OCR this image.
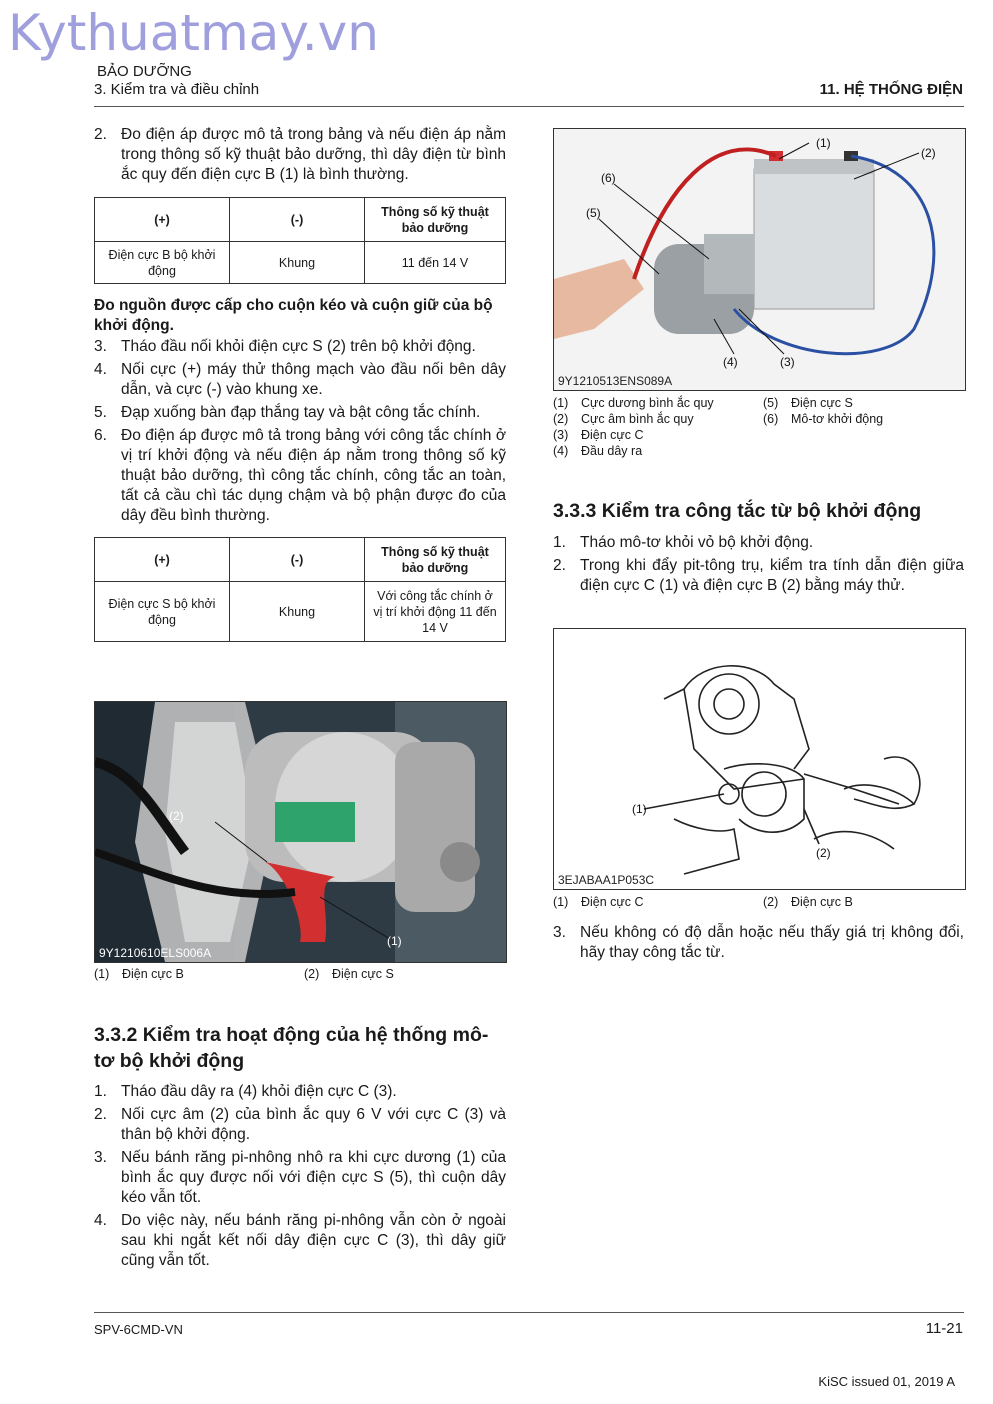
Kythuatmay.vn
BẢO DƯỠNG
3. Kiểm tra và điều chỉnh	11. HỆ THỐNG ĐIỆN
2. Đo điện áp được mô tả trong bảng và nếu điện áp nằm trong thông số kỹ thuật bảo dưỡng, thì dây điện từ bình ắc quy đến điện cực B (1) là bình thường.
(+)	(-)	Thông số kỹ thuật bảo dưỡng
Điện cực B bộ khởi động	Khung	11 đến 14 V
Đo nguồn được cấp cho cuộn kéo và cuộn giữ của bộ khởi động.
3. Tháo đầu nối khỏi điện cực S (2) trên bộ khởi động.
4. Nối cực (+) máy thử thông mạch vào đầu nối bên dây dẫn, và cực (-) vào khung xe.
5. Đạp xuống bàn đạp thắng tay và bật công tắc chính.
6. Đo điện áp được mô tả trong bảng với công tắc chính ở vị trí khởi động và nếu điện áp nằm trong thông số kỹ thuật bảo dưỡng, thì công tắc chính, công tắc an toàn, tất cả cầu chì tác dụng chậm và bộ phận được đo của dây đều bình thường.
(+)	(-)	Thông số kỹ thuật bảo dưỡng
Điện cực S bộ khởi động	Khung	Với công tắc chính ở vị trí khởi động 11 đến 14 V
(2)
(1)
9Y1210610ELS006A
(1)	Điện cực B	(2)	Điện cực S
3.3.2 Kiểm tra hoạt động của hệ thống mô-tơ bộ khởi động
1. Tháo đầu dây ra (4) khỏi điện cực C (3).
2. Nối cực âm (2) của bình ắc quy 6 V với cực C (3) và thân bộ khởi động.
3. Nếu bánh răng pi-nhông nhô ra khi cực dương (1) của bình ắc quy được nối với điện cực S (5), thì cuộn dây kéo vẫn tốt.
4. Do việc này, nếu bánh răng pi-nhông vẫn còn ở ngoài sau khi ngắt kết nối dây điện cực C (3), thì dây giữ cũng vẫn tốt.
(1)
(2)
(3)
(4)
(5)
(6)
9Y1210513ENS089A
(1)	Cực dương bình ắc quy
(2)	Cực âm bình ắc quy
(3)	Điện cực C
(4)	Đầu dây ra
(5)	Điện cực S
(6)	Mô-tơ khởi động
3.3.3 Kiểm tra công tắc từ bộ khởi động
1. Tháo mô-tơ khỏi vỏ bộ khởi động.
2. Trong khi đẩy pit-tông trụ, kiểm tra tính dẫn điện giữa điện cực C (1) và điện cực B (2) bằng máy thử.
(1)
(2)
3EJABAA1P053C
(1)	Điện cực C	(2)	Điện cực B
3. Nếu không có độ dẫn hoặc nếu thấy giá trị không đổi, hãy thay công tắc từ.
SPV-6CMD-VN	11-21
KiSC issued 01, 2019 A
